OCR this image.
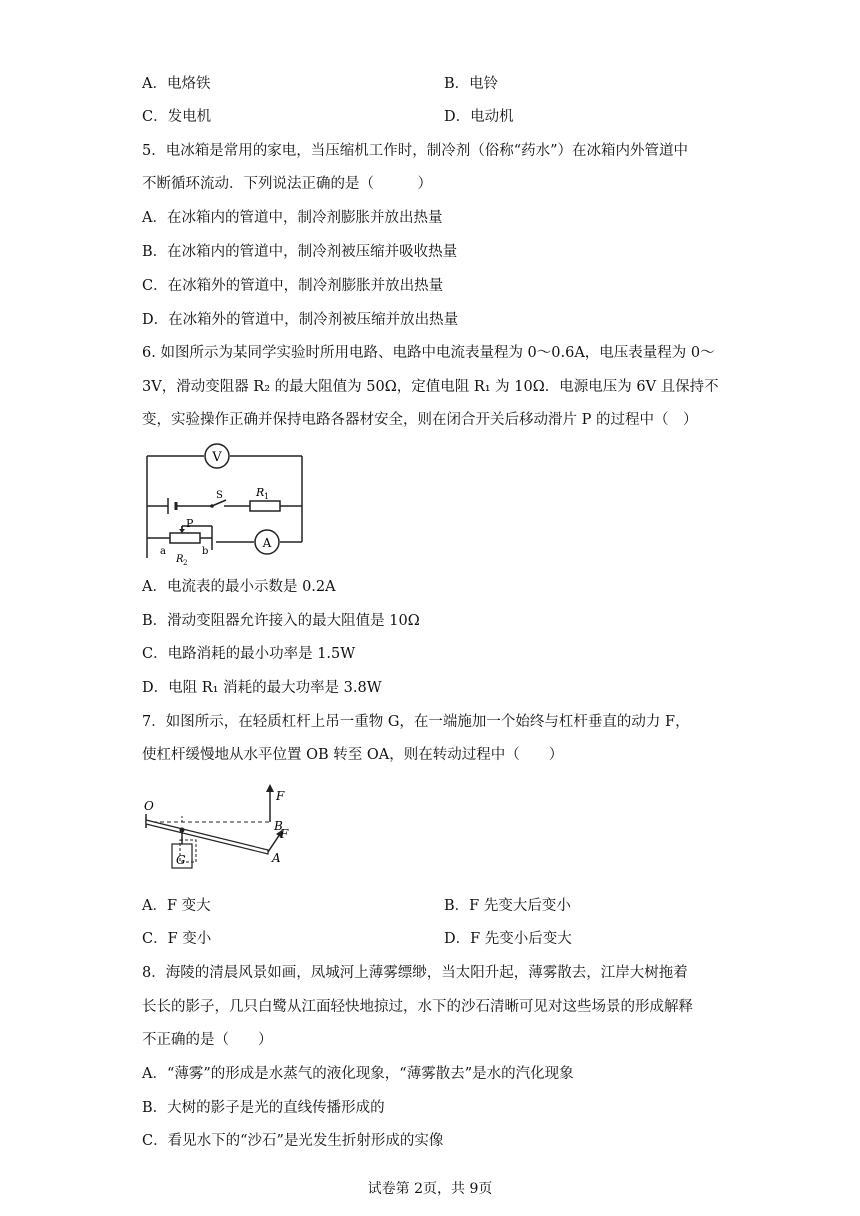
A．电烙铁	B．电铃
C．发电机	D．电动机
5．电冰箱是常用的家电，当压缩机工作时，制冷剂（俗称“药水”）在冰箱内外管道中
不断循环流动．下列说法正确的是（　　　）
A．在冰箱内的管道中，制冷剂膨胀并放出热量
B．在冰箱内的管道中，制冷剂被压缩并吸收热量
C．在冰箱外的管道中，制冷剂膨胀并放出热量
D．在冰箱外的管道中，制冷剂被压缩并放出热量
6. 如图所示为某同学实验时所用电路、电路中电流表量程为 0～0.6A，电压表量程为 0～
3V，滑动变阻器 R₂ 的最大阻值为 50Ω，定值电阻 R₁ 为 10Ω．电源电压为 6V 且保持不
变，实验操作正确并保持电路各器材安全，则在闭合开关后移动滑片 P 的过程中（　）
V
S	R 1
P
a	b
R 2
A
A．电流表的最小示数是 0.2A
B．滑动变阻器允许接入的最大阻值是 10Ω
C．电路消耗的最小功率是 1.5W
D．电阻 R₁ 消耗的最大功率是 3.8W
7．如图所示，在轻质杠杆上吊一重物 G，在一端施加一个始终与杠杆垂直的动力 F，
使杠杆缓慢地从水平位置 OB 转至 OA，则在转动过程中（　　）
O
F
B
F
A
G
A．F 变大	B．F 先变大后变小
C．F 变小	D．F 先变小后变大
8．海陵的清晨风景如画，凤城河上薄雾缥缈，当太阳升起，薄雾散去，江岸大树拖着
长长的影子，几只白鹭从江面轻快地掠过，水下的沙石清晰可见对这些场景的形成解释
不正确的是（　　）
A．“薄雾”的形成是水蒸气的液化现象，“薄雾散去”是水的汽化现象
B．大树的影子是光的直线传播形成的
C．看见水下的“沙石”是光发生折射形成的实像
试卷第 2页，共 9页
